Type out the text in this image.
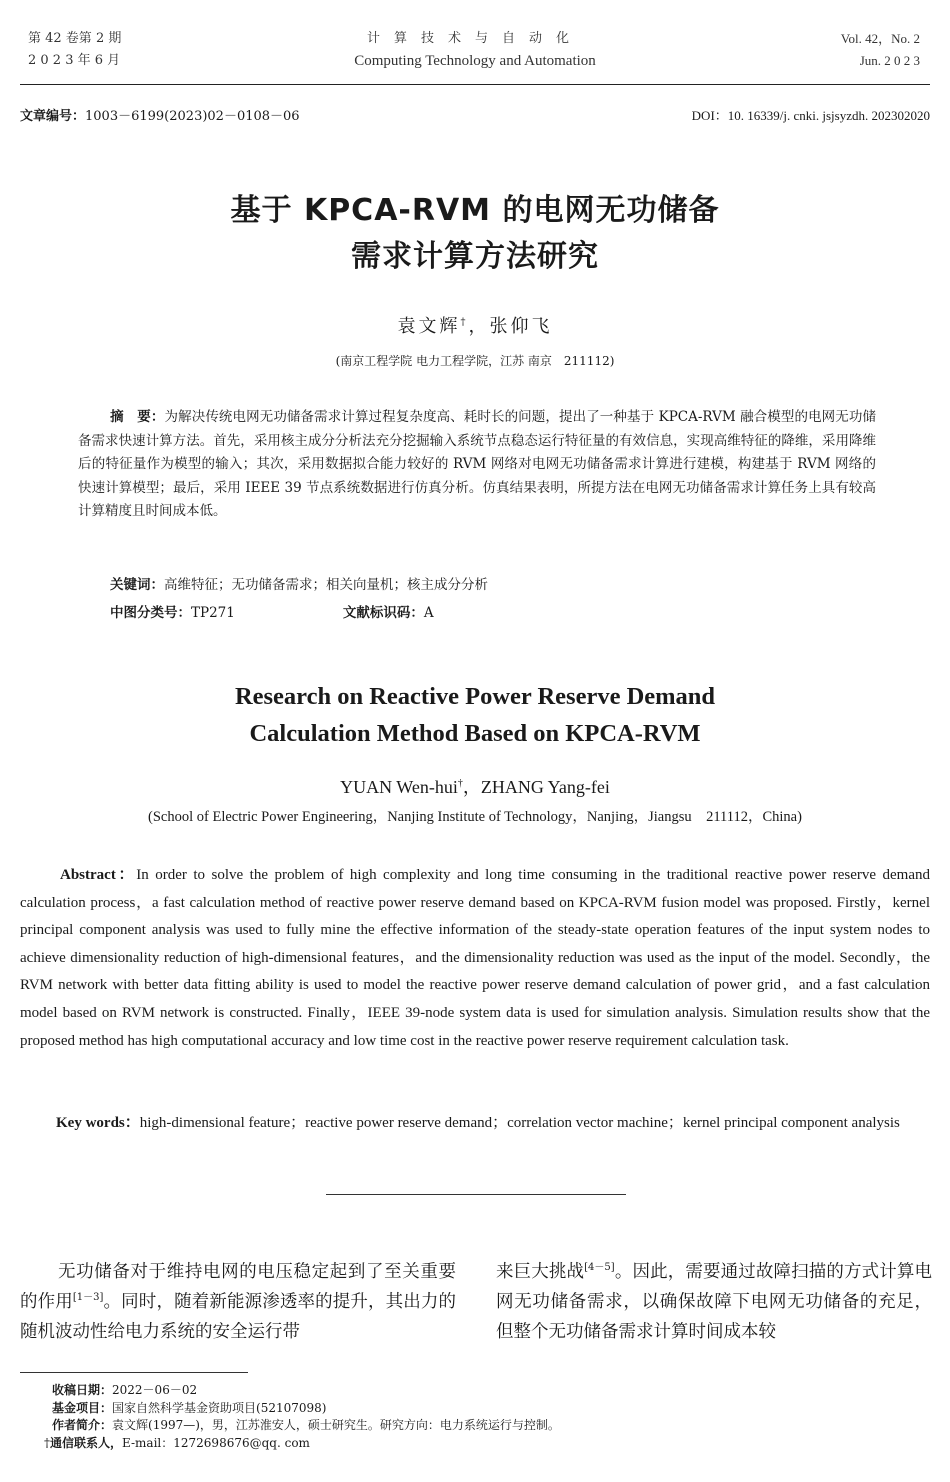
第 42 卷第 2 期
2 0 2 3 年 6 月
计算技术与自动化
Computing Technology and Automation
Vol. 42，No. 2
Jun. 2 0 2 3
文章编号：1003－6199(2023)02－0108－06	DOI：10. 16339/j. cnki. jsjsyzdh. 202302020
基于 KPCA-RVM 的电网无功储备
需求计算方法研究
袁文辉†，张仰飞
(南京工程学院 电力工程学院，江苏 南京　211112)
摘　要：为解决传统电网无功储备需求计算过程复杂度高、耗时长的问题，提出了一种基于 KPCA-RVM 融合模型的电网无功储备需求快速计算方法。首先，采用核主成分分析法充分挖掘输入系统节点稳态运行特征量的有效信息，实现高维特征的降维，采用降维后的特征量作为模型的输入；其次，采用数据拟合能力较好的 RVM 网络对电网无功储备需求计算进行建模，构建基于 RVM 网络的快速计算模型；最后，采用 IEEE 39 节点系统数据进行仿真分析。仿真结果表明，所提方法在电网无功储备需求计算任务上具有较高计算精度且时间成本低。
关键词：高维特征；无功储备需求；相关向量机；核主成分分析
中图分类号：TP271	文献标识码：A
Research on Reactive Power Reserve Demand
Calculation Method Based on KPCA-RVM
YUAN Wen-hui†，ZHANG Yang-fei
(School of Electric Power Engineering，Nanjing Institute of Technology，Nanjing，Jiangsu　211112，China)
Abstract：In order to solve the problem of high complexity and long time consuming in the traditional reactive power reserve demand calculation process，a fast calculation method of reactive power reserve demand based on KPCA-RVM fusion model was proposed. Firstly，kernel principal component analysis was used to fully mine the effective information of the steady-state operation features of the input system nodes to achieve dimensionality reduction of high-dimensional features，and the dimensionality reduction was used as the input of the model. Secondly，the RVM network with better data fitting ability is used to model the reactive power reserve demand calculation of power grid，and a fast calculation model based on RVM network is constructed. Finally，IEEE 39-node system data is used for simulation analysis. Simulation results show that the proposed method has high computational accuracy and low time cost in the reactive power reserve requirement calculation task.
Key words：high-dimensional feature；reactive power reserve demand；correlation vector machine；kernel principal component analysis
无功储备对于维持电网的电压稳定起到了至关重要的作用[1－3]。同时，随着新能源渗透率的提升，其出力的随机波动性给电力系统的安全运行带
来巨大挑战[4－5]。因此，需要通过故障扫描的方式计算电网无功储备需求，以确保故障下电网无功储备的充足，但整个无功储备需求计算时间成本较
收稿日期：2022－06－02
基金项目：国家自然科学基金资助项目(52107098)
作者简介：袁文辉(1997—)，男，江苏淮安人，硕士研究生。研究方向：电力系统运行与控制。
†通信联系人，E-mail：1272698676@qq. com
